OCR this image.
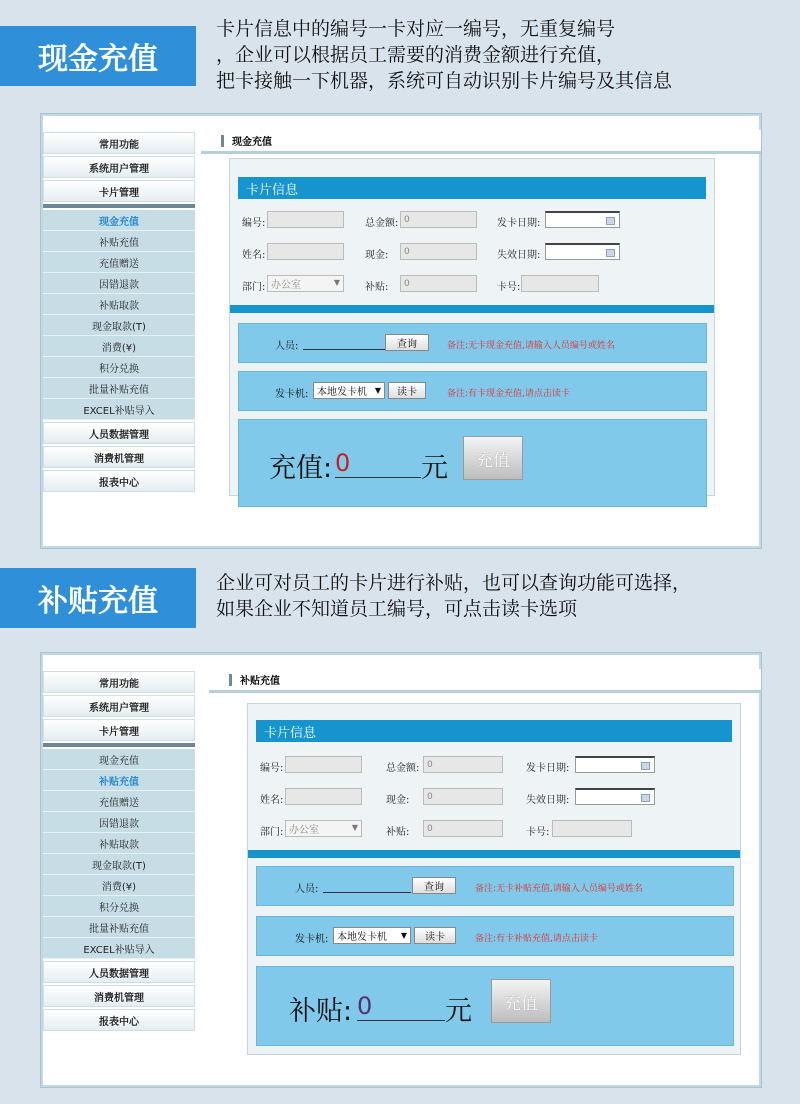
现金充值
卡片信息中的编号一卡对应一编号，无重复编号
，企业可以根据员工需要的消费金额进行充值，
把卡接触一下机器，系统可自动识别卡片编号及其信息
常用功能
系统用户管理
卡片管理
现金充值
补贴充值
充值赠送
因错退款
补贴取款
现金取款(T)
消费(¥)
积分兑换
批量补贴充值
EXCEL补贴导入
人员数据管理
消费机管理
报表中心
现金充值
卡片信息
编号:	总金额: 0	发卡日期:
姓名:	现金:	0	失效日期:
部门: 办公室	▼	补贴:	0	卡号:
人员:	查询	备注:无卡现金充值,请输入人员编号或姓名
发卡机: 本地发卡机 ▼	读卡	备注:有卡现金充值,请点击读卡
充值: 0	元	充值
补贴充值
企业可对员工的卡片进行补贴，也可以查询功能可选择，
如果企业不知道员工编号，可点击读卡选项
常用功能
系统用户管理
卡片管理
现金充值
补贴充值
充值赠送
因错退款
补贴取款
现金取款(T)
消费(¥)
积分兑换
批量补贴充值
EXCEL补贴导入
人员数据管理
消费机管理
报表中心
补贴充值
卡片信息
编号:	总金额: 0	发卡日期:
姓名:	现金:	0	失效日期:
部门: 办公室	▼	补贴:	0	卡号:
人员:	查询	备注:无卡补贴充值,请输入人员编号或姓名
发卡机: 本地发卡机 ▼	读卡	备注:有卡补贴充值,请点击读卡
补贴: 0	元	充值
